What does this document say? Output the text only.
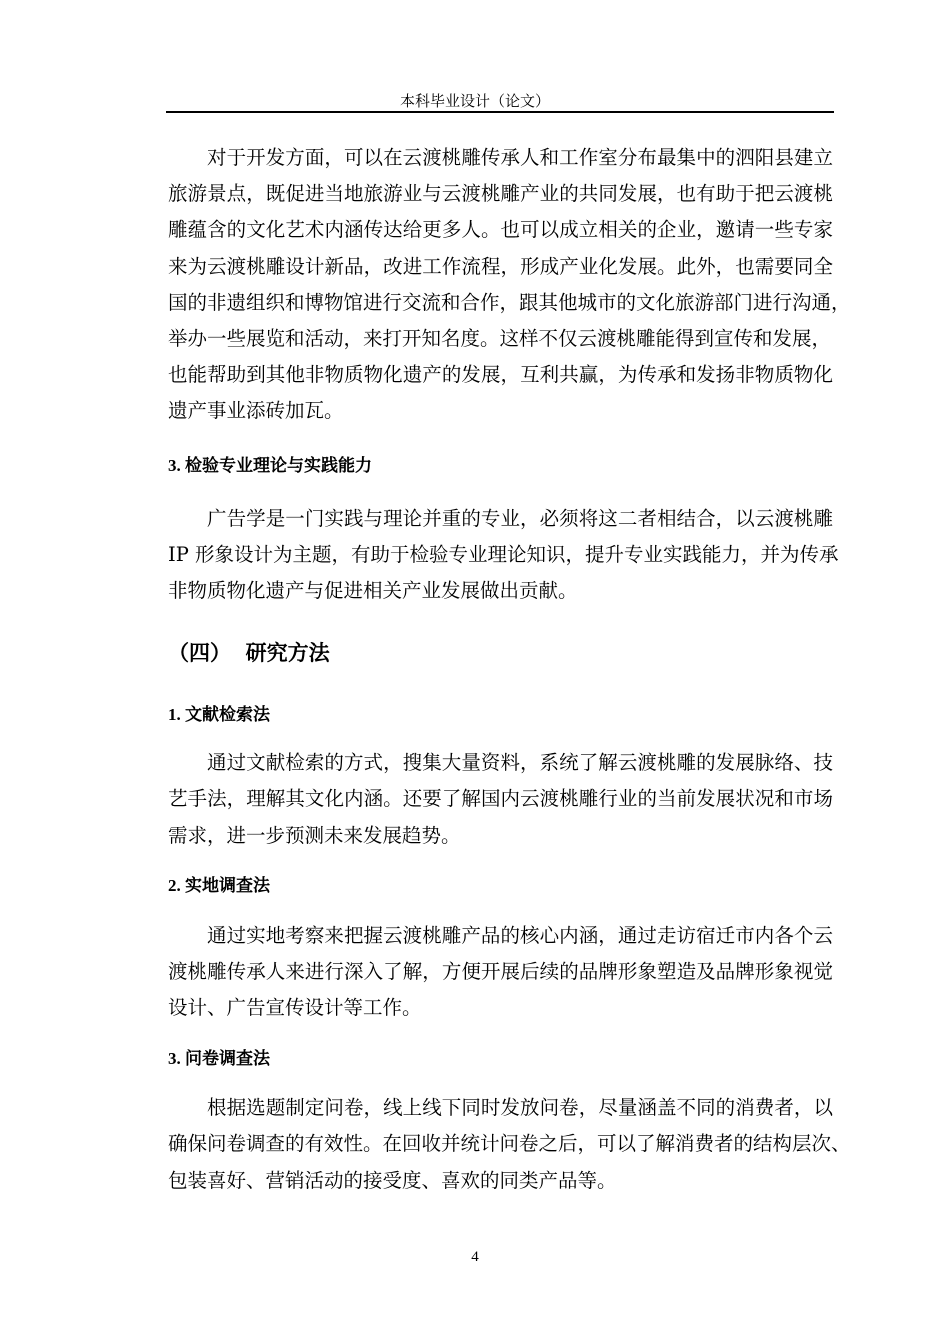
本科毕业设计（论文）
对于开发方面，可以在云渡桃雕传承人和工作室分布最集中的泗阳县建立
旅游景点，既促进当地旅游业与云渡桃雕产业的共同发展，也有助于把云渡桃
雕蕴含的文化艺术内涵传达给更多人。也可以成立相关的企业，邀请一些专家
来为云渡桃雕设计新品，改进工作流程，形成产业化发展。此外，也需要同全
国的非遗组织和博物馆进行交流和合作，跟其他城市的文化旅游部门进行沟通，
举办一些展览和活动，来打开知名度。这样不仅云渡桃雕能得到宣传和发展，
也能帮助到其他非物质物化遗产的发展，互利共赢，为传承和发扬非物质物化
遗产事业添砖加瓦。
3. 检验专业理论与实践能力
广告学是一门实践与理论并重的专业，必须将这二者相结合，以云渡桃雕
IP 形象设计为主题，有助于检验专业理论知识，提升专业实践能力，并为传承
非物质物化遗产与促进相关产业发展做出贡献。
（四）  研究方法
1. 文献检索法
通过文献检索的方式，搜集大量资料，系统了解云渡桃雕的发展脉络、技
艺手法，理解其文化内涵。还要了解国内云渡桃雕行业的当前发展状况和市场
需求，进一步预测未来发展趋势。
2. 实地调查法
通过实地考察来把握云渡桃雕产品的核心内涵，通过走访宿迁市内各个云
渡桃雕传承人来进行深入了解，方便开展后续的品牌形象塑造及品牌形象视觉
设计、广告宣传设计等工作。
3. 问卷调查法
根据选题制定问卷，线上线下同时发放问卷，尽量涵盖不同的消费者，以
确保问卷调查的有效性。在回收并统计问卷之后，可以了解消费者的结构层次、
包装喜好、营销活动的接受度、喜欢的同类产品等。
4
